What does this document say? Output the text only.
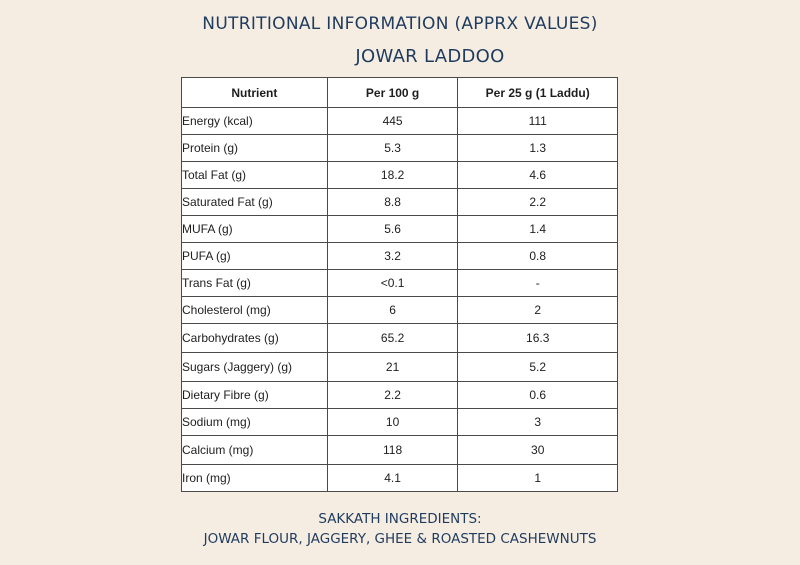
NUTRITIONAL INFORMATION (APPRX VALUES)
JOWAR LADDOO
Nutrient	Per 100 g	Per 25 g (1 Laddu)
Energy (kcal)	445	111
Protein (g)	5.3	1.3
Total Fat (g)	18.2	4.6
Saturated Fat (g)	8.8	2.2
MUFA (g)	5.6	1.4
PUFA (g)	3.2	0.8
Trans Fat (g)	<0.1	-
Cholesterol (mg)	6	2
Carbohydrates (g)	65.2	16.3
Sugars (Jaggery) (g)	21	5.2
Dietary Fibre (g)	2.2	0.6
Sodium (mg)	10	3
Calcium (mg)	118	30
Iron (mg)	4.1	1
SAKKATH INGREDIENTS:
JOWAR FLOUR, JAGGERY, GHEE & ROASTED CASHEWNUTS
